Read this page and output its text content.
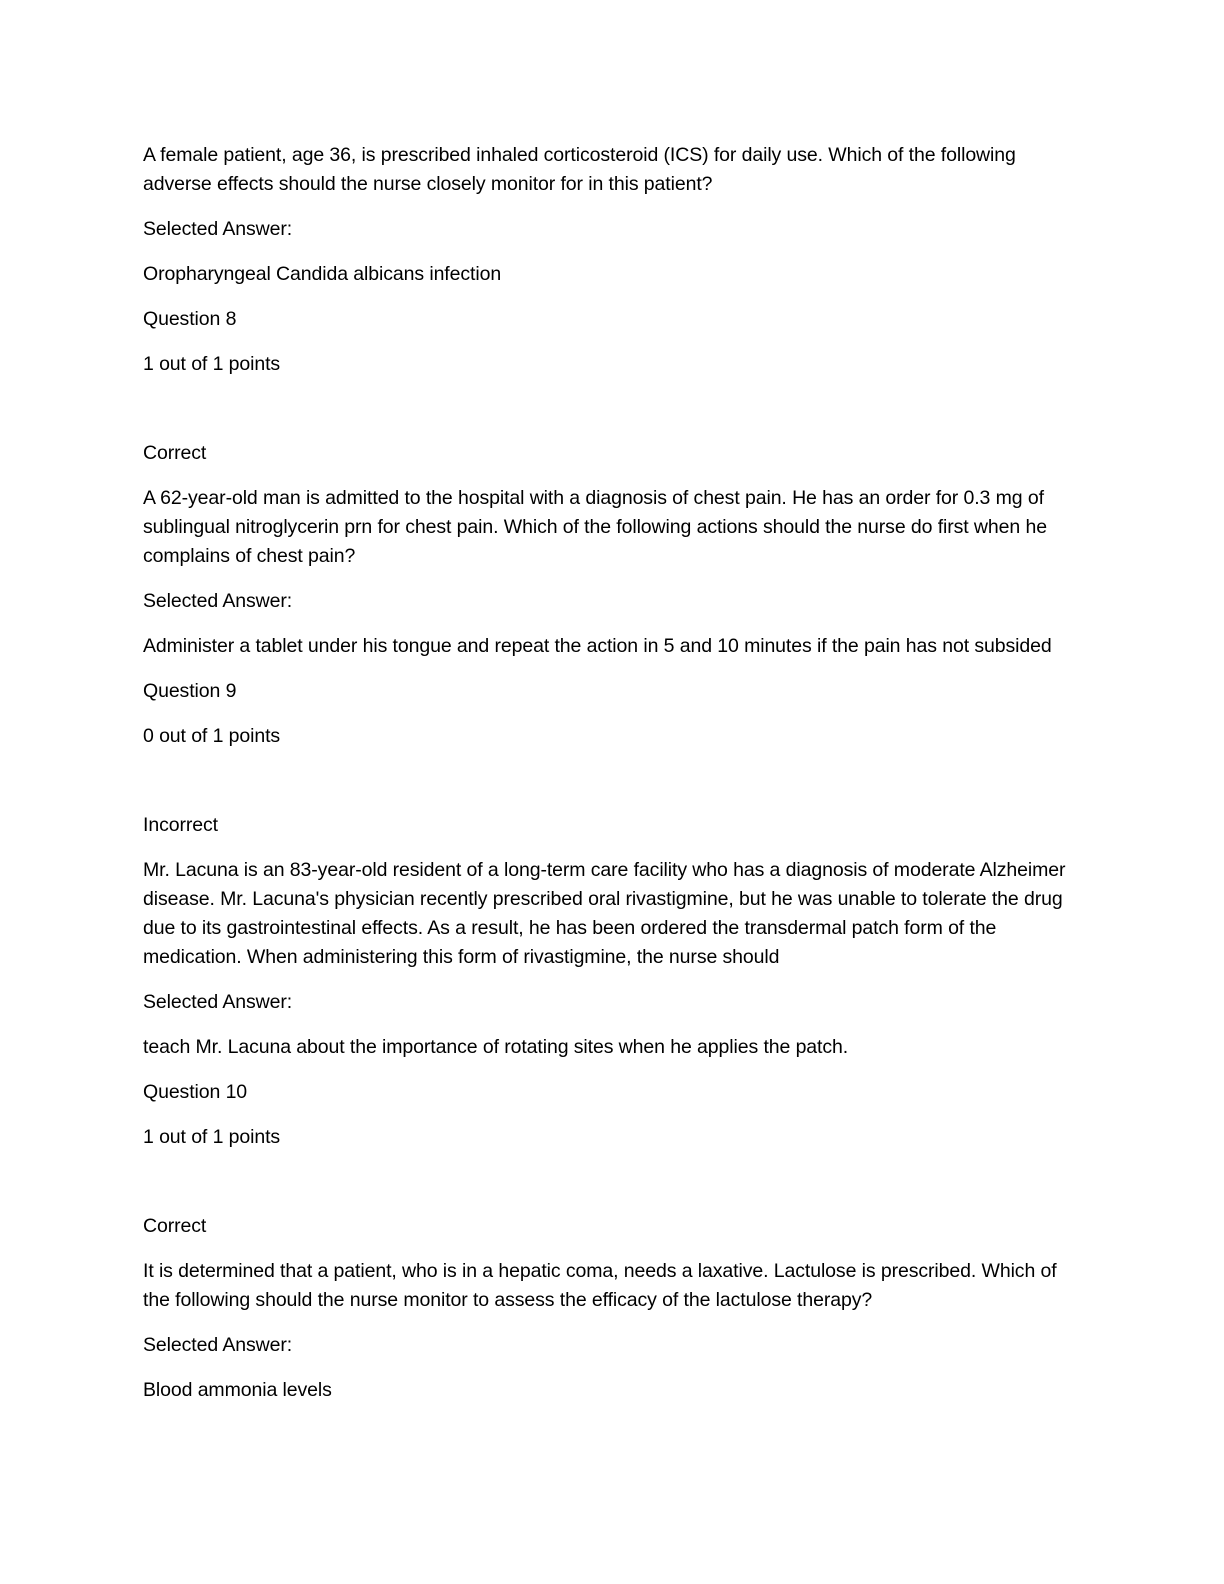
A female patient, age 36, is prescribed inhaled corticosteroid (ICS) for daily use. Which of the following adverse effects should the nurse closely monitor for in this patient?

Selected Answer:

Oropharyngeal Candida albicans infection

Question 8

1 out of 1 points

Correct

A 62-year-old man is admitted to the hospital with a diagnosis of chest pain. He has an order for 0.3 mg of sublingual nitroglycerin prn for chest pain. Which of the following actions should the nurse do first when he complains of chest pain?

Selected Answer:

Administer a tablet under his tongue and repeat the action in 5 and 10 minutes if the pain has not subsided

Question 9

0 out of 1 points

Incorrect

Mr. Lacuna is an 83-year-old resident of a long-term care facility who has a diagnosis of moderate Alzheimer disease. Mr. Lacuna's physician recently prescribed oral rivastigmine, but he was unable to tolerate the drug due to its gastrointestinal effects. As a result, he has been ordered the transdermal patch form of the medication. When administering this form of rivastigmine, the nurse should

Selected Answer:

teach Mr. Lacuna about the importance of rotating sites when he applies the patch.

Question 10

1 out of 1 points

Correct

It is determined that a patient, who is in a hepatic coma, needs a laxative. Lactulose is prescribed. Which of the following should the nurse monitor to assess the efficacy of the lactulose therapy?

Selected Answer:

Blood ammonia levels
